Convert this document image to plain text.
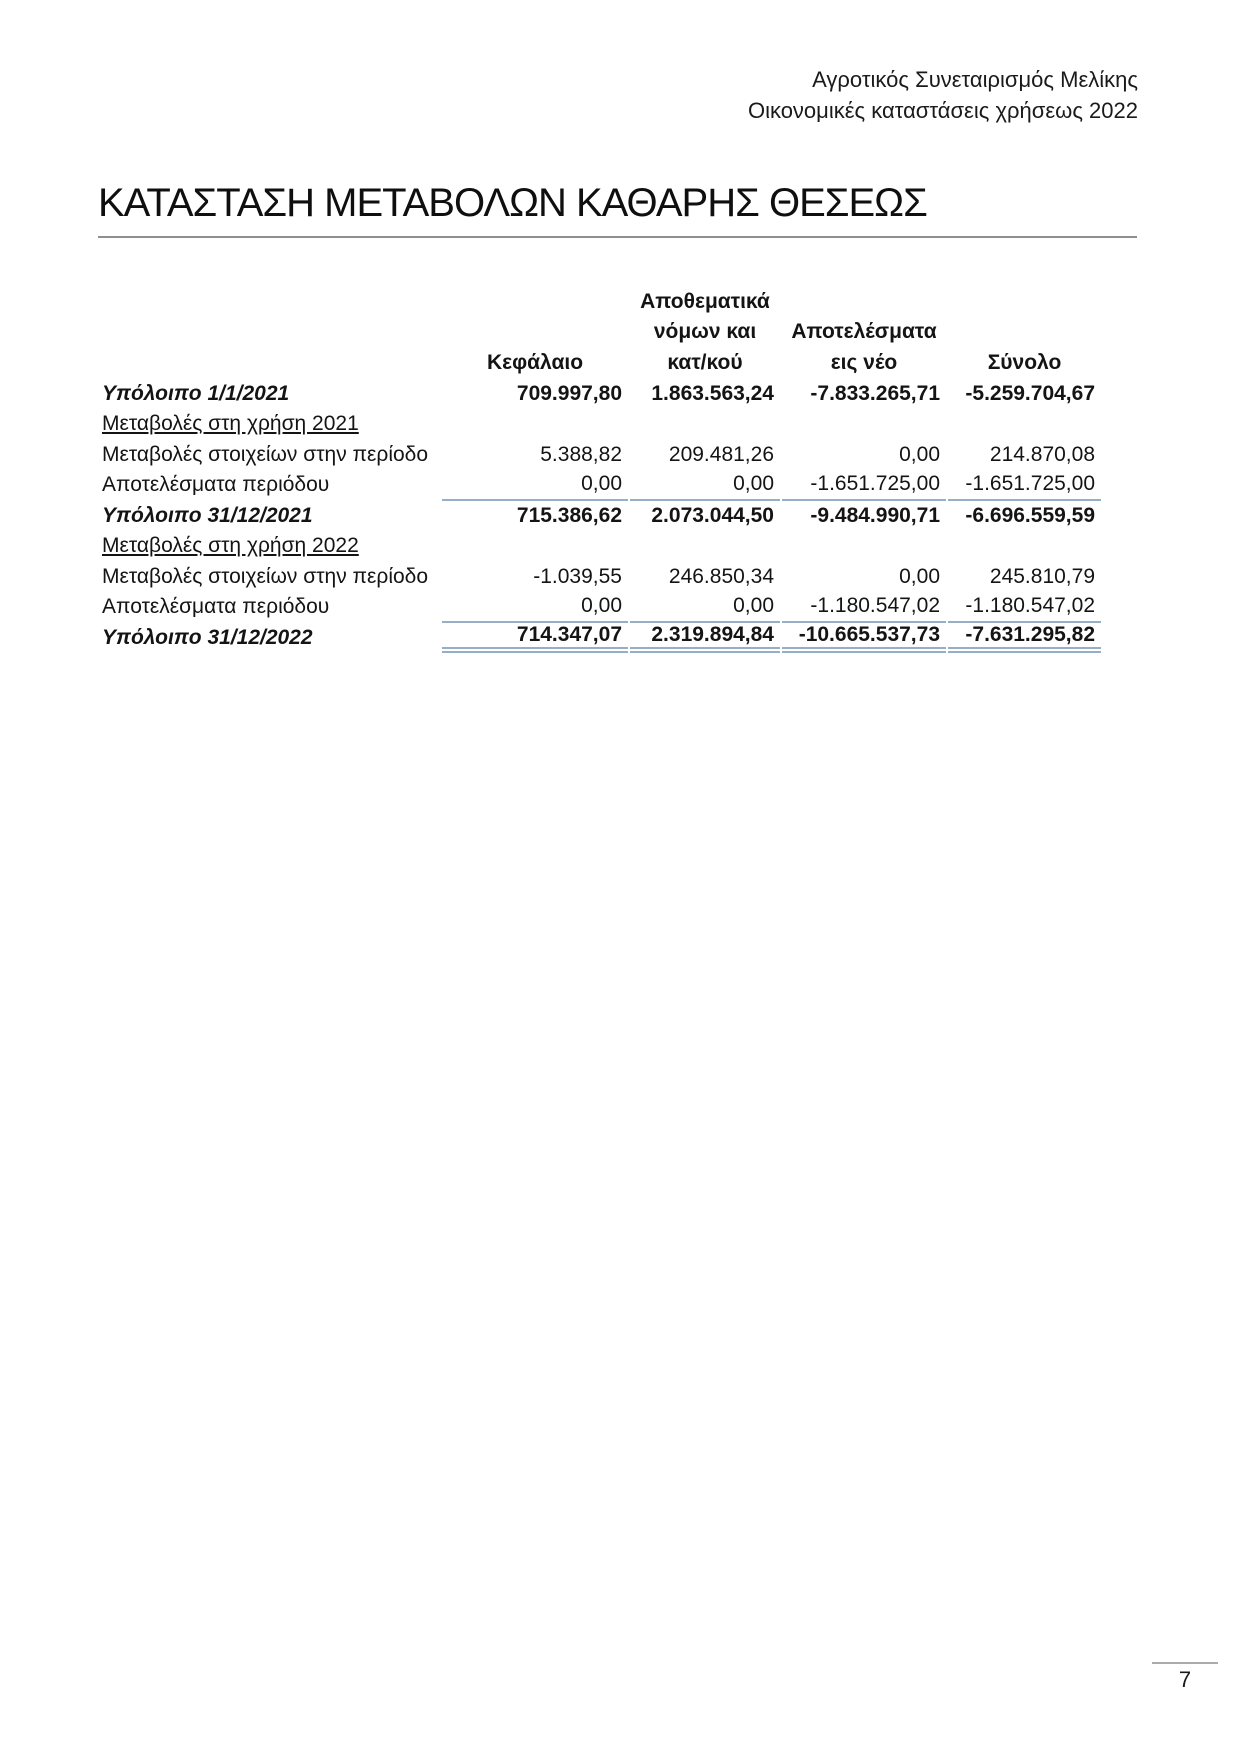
Αγροτικός Συνεταιρισμός Μελίκης
Οικονομικές καταστάσεις χρήσεως 2022
ΚΑΤΑΣΤΑΣΗ ΜΕΤΑΒΟΛΩΝ ΚΑΘΑΡΗΣ ΘΕΣΕΩΣ
		Αποθεματικά		
		νόμων και	Αποτελέσματα	
	Κεφάλαιο	κατ/κού	εις νέο	Σύνολο
Υπόλοιπο 1/1/2021	709.997,80	1.863.563,24	-7.833.265,71	-5.259.704,67
Μεταβολές στη χρήση 2021				
Μεταβολές στοιχείων στην περίοδο	5.388,82	209.481,26	0,00	214.870,08
Αποτελέσματα περιόδου	0,00	0,00	-1.651.725,00	-1.651.725,00
Υπόλοιπο 31/12/2021	715.386,62	2.073.044,50	-9.484.990,71	-6.696.559,59
Μεταβολές στη χρήση 2022				
Μεταβολές στοιχείων στην περίοδο	-1.039,55	246.850,34	0,00	245.810,79
Αποτελέσματα περιόδου	0,00	0,00	-1.180.547,02	-1.180.547,02
Υπόλοιπο 31/12/2022	714.347,07	2.319.894,84	-10.665.537,73	-7.631.295,82
7
